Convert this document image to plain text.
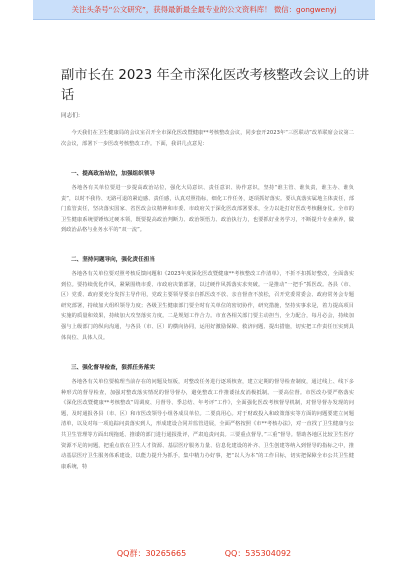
关注头条号“公文研究”，获得最新最全最专业的公文资料库！ 微信：gongwenyj
副市长在 2023 年全市深化医改考核整改会议上的讲
话
同志们：

今天我们在卫生健康局的会议室召开全市深化医改暨健康**考核整改会议，同步套开2023年“三医联动”改革联席会议第二次会议，部署下一步医改考核整改工作。下面，我讲几点意见：

一、提高政治站位，加强组织领导

各地各有关单位要进一步提高政治站位，强化大局意识、责任意识、协作意识，坚持“谁主管、谁负责，谁主办、谁负责”，以时不我待、无路可退的紧迫感、责任感，认真对照指标，细化工作任务，逐项抓好落实。要认真落实属地主体责任，部门监管责任，坚决落实国家、省医改会议精神和市委、市政府关于深化医改部署要求，全力以赴打好医改考核翻身仗。全市的卫生健康系统要锤炼过硬本领，既要提高政治判断力、政治领悟力、政治执行力，也要抓好业务学习，不断提升专业素养，做到政治品格与业务水平的“双一流”。

二、坚持问题导向，强化责任担当

各地各有关单位要对照考核反馈问题和《2023年度深化医改暨健康**考核整改工作清单》，不折不扣抓好整改，全面落实到位。要持续优化作风，紧紧围绕市委、市政府决策部署，以过硬作风抓落实求突破。一是推动“一把手”抓医改。各县（市、区）党委、政府要充分发挥主导作用，党政主要领导要亲自抓医改不放、亲自督查不放松，召开党委常委会、政府常务会专题研究部署，持续加大组织领导力度；各级卫生健康部门要全时有关单位的密切协作，研究措施，坚持实事求是，着力提高项目实施的质量和效果，持续加大攻坚落实力度。二是规划工作合力。市直各相关部门要主动担当，全力配合，每月必会，持续加强与上级部门的纵向沟通，与各县（市、区）的横向协同，运用好激励保障、救济问题、提出措施，切实把工作责任压实到具体岗位、具体人员。

三、强化督导检查，狠抓任务落实

各地各有关单位要梳理当前存在的问题及短板，对整改任务进行逐项核查，建立定期的督导检查制度，通过线上、线下多种形式的督导检查，加强对整改落实情况的督导督办，避免整改工作推诿扯皮消极抵制。一要高位督。市医改办要严格落实《深化医改暨健康**考核整改“周调度、月督导、季总结、年考评”工作》，全面强化医改考核督导机制，对督导督办发现的问题，及时通报各县（市、区）和市医改领导小组各成员单位。二要真用心。对于财政投入和政策落实等方面的问题要建立问题清单，以及对每一项追踪问责落实到人，形成建设合同并监管进展，全面严格按照《市**考核办法》，对一直找了卫生健康与公共卫生管理等方面出现拖延、推诿的部门进行通报批评，严肃追责问责。三要重点督导。”三重”督导。帮助各地区比较卫生医疗资源不足的问题，把重点放在卫生人才资源、基层医疗服务力量、信息化建设的补齐、卫生创建等纳入到督导的指标之中，推动基层医疗卫生服务体系建设，以能力提升为抓手，集中精力办好事，把“以人为本”的工作目标，切实把保障全市公共卫生健康系统，特

QQ群：30265665	QQ：535304092
